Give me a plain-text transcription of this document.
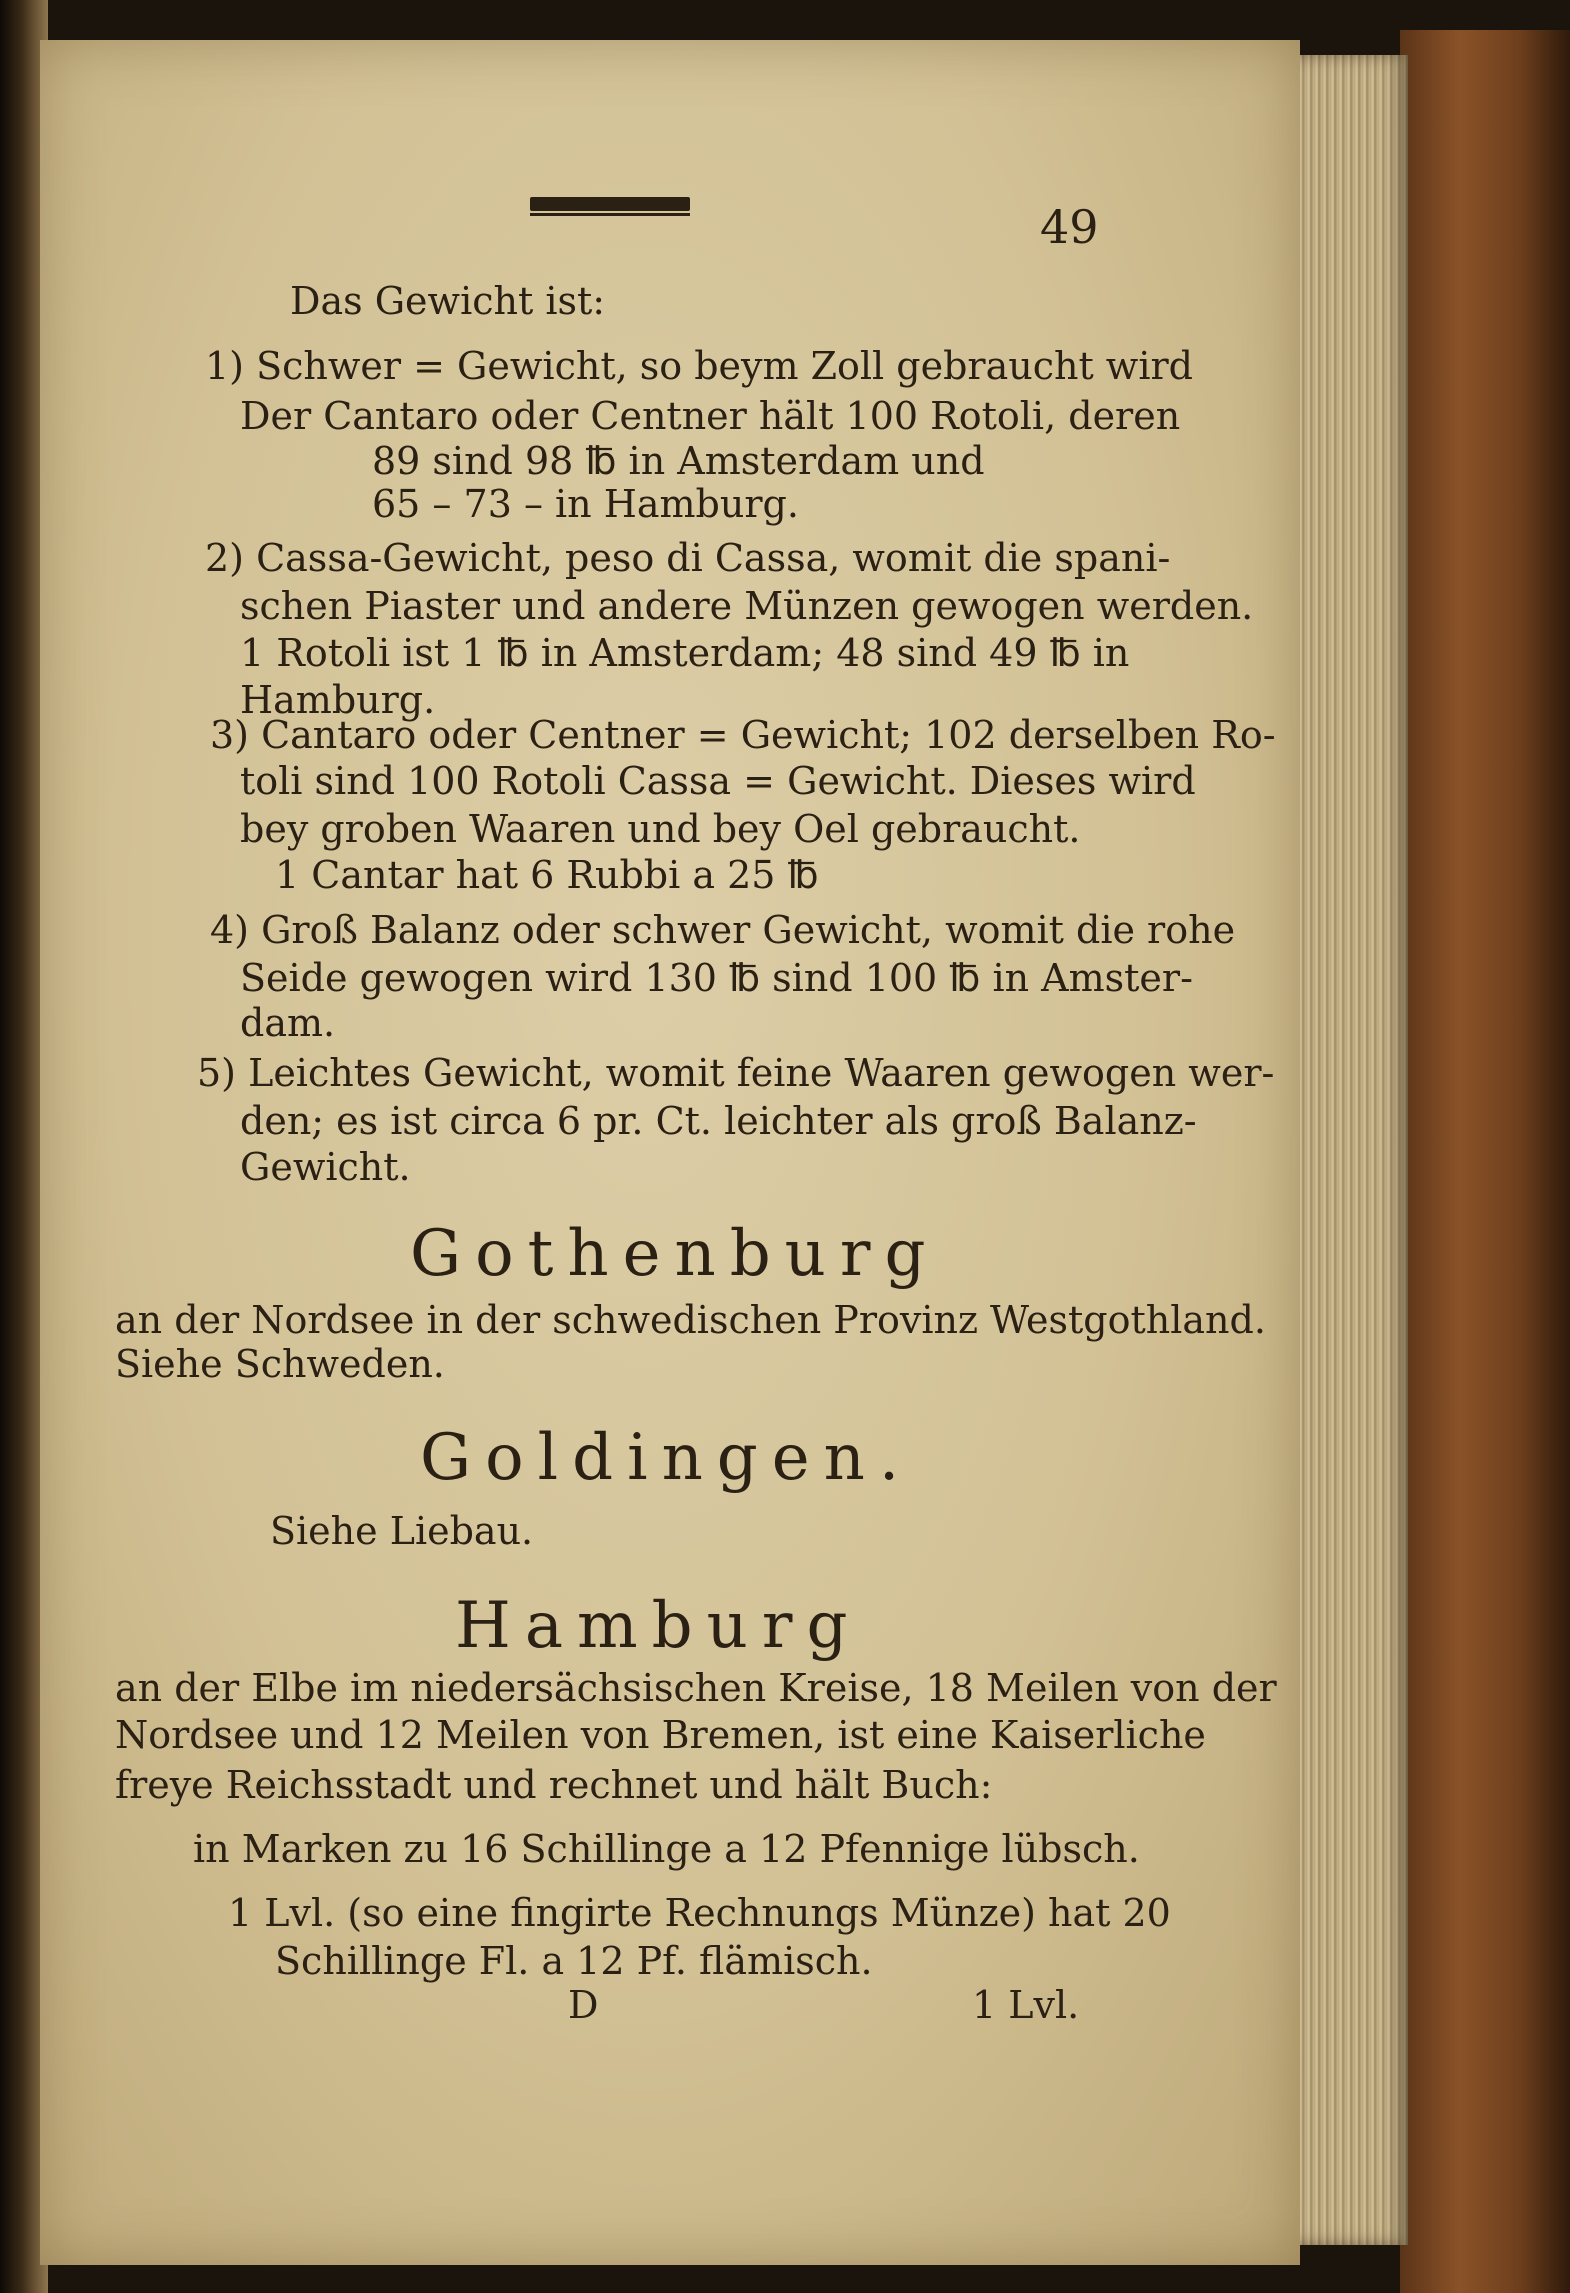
49
Das Gewicht ist:
1) Schwer = Gewicht, so beym Zoll gebraucht wird
Der Cantaro oder Centner hält 100 Rotoli, deren
89 sind 98 ℔ in Amsterdam und
65 – 73 – in Hamburg.
2) Cassa-Gewicht, peso di Cassa, womit die spani-
schen Piaster und andere Münzen gewogen werden.
1 Rotoli ist 1 ℔ in Amsterdam; 48 sind 49 ℔ in
Hamburg.
3) Cantaro oder Centner = Gewicht; 102 derselben Ro-
toli sind 100 Rotoli Cassa = Gewicht. Dieses wird
bey groben Waaren und bey Oel gebraucht.
1 Cantar hat 6 Rubbi a 25 ℔
4) Groß Balanz oder schwer Gewicht, womit die rohe
Seide gewogen wird 130 ℔ sind 100 ℔ in Amster-
dam.
5) Leichtes Gewicht, womit feine Waaren gewogen wer-
den; es ist circa 6 pr. Ct. leichter als groß Balanz-
Gewicht.
Gothenburg
an der Nordsee in der schwedischen Provinz Westgothland.
Siehe Schweden.
Goldingen.
Siehe Liebau.
Hamburg
an der Elbe im niedersächsischen Kreise, 18 Meilen von der
Nordsee und 12 Meilen von Bremen, ist eine Kaiserliche
freye Reichsstadt und rechnet und hält Buch:
in Marken zu 16 Schillinge a 12 Pfennige lübsch.
1 Lvl. (so eine fingirte Rechnungs Münze) hat 20
Schillinge Fl. a 12 Pf. flämisch.
D	1 Lvl.
